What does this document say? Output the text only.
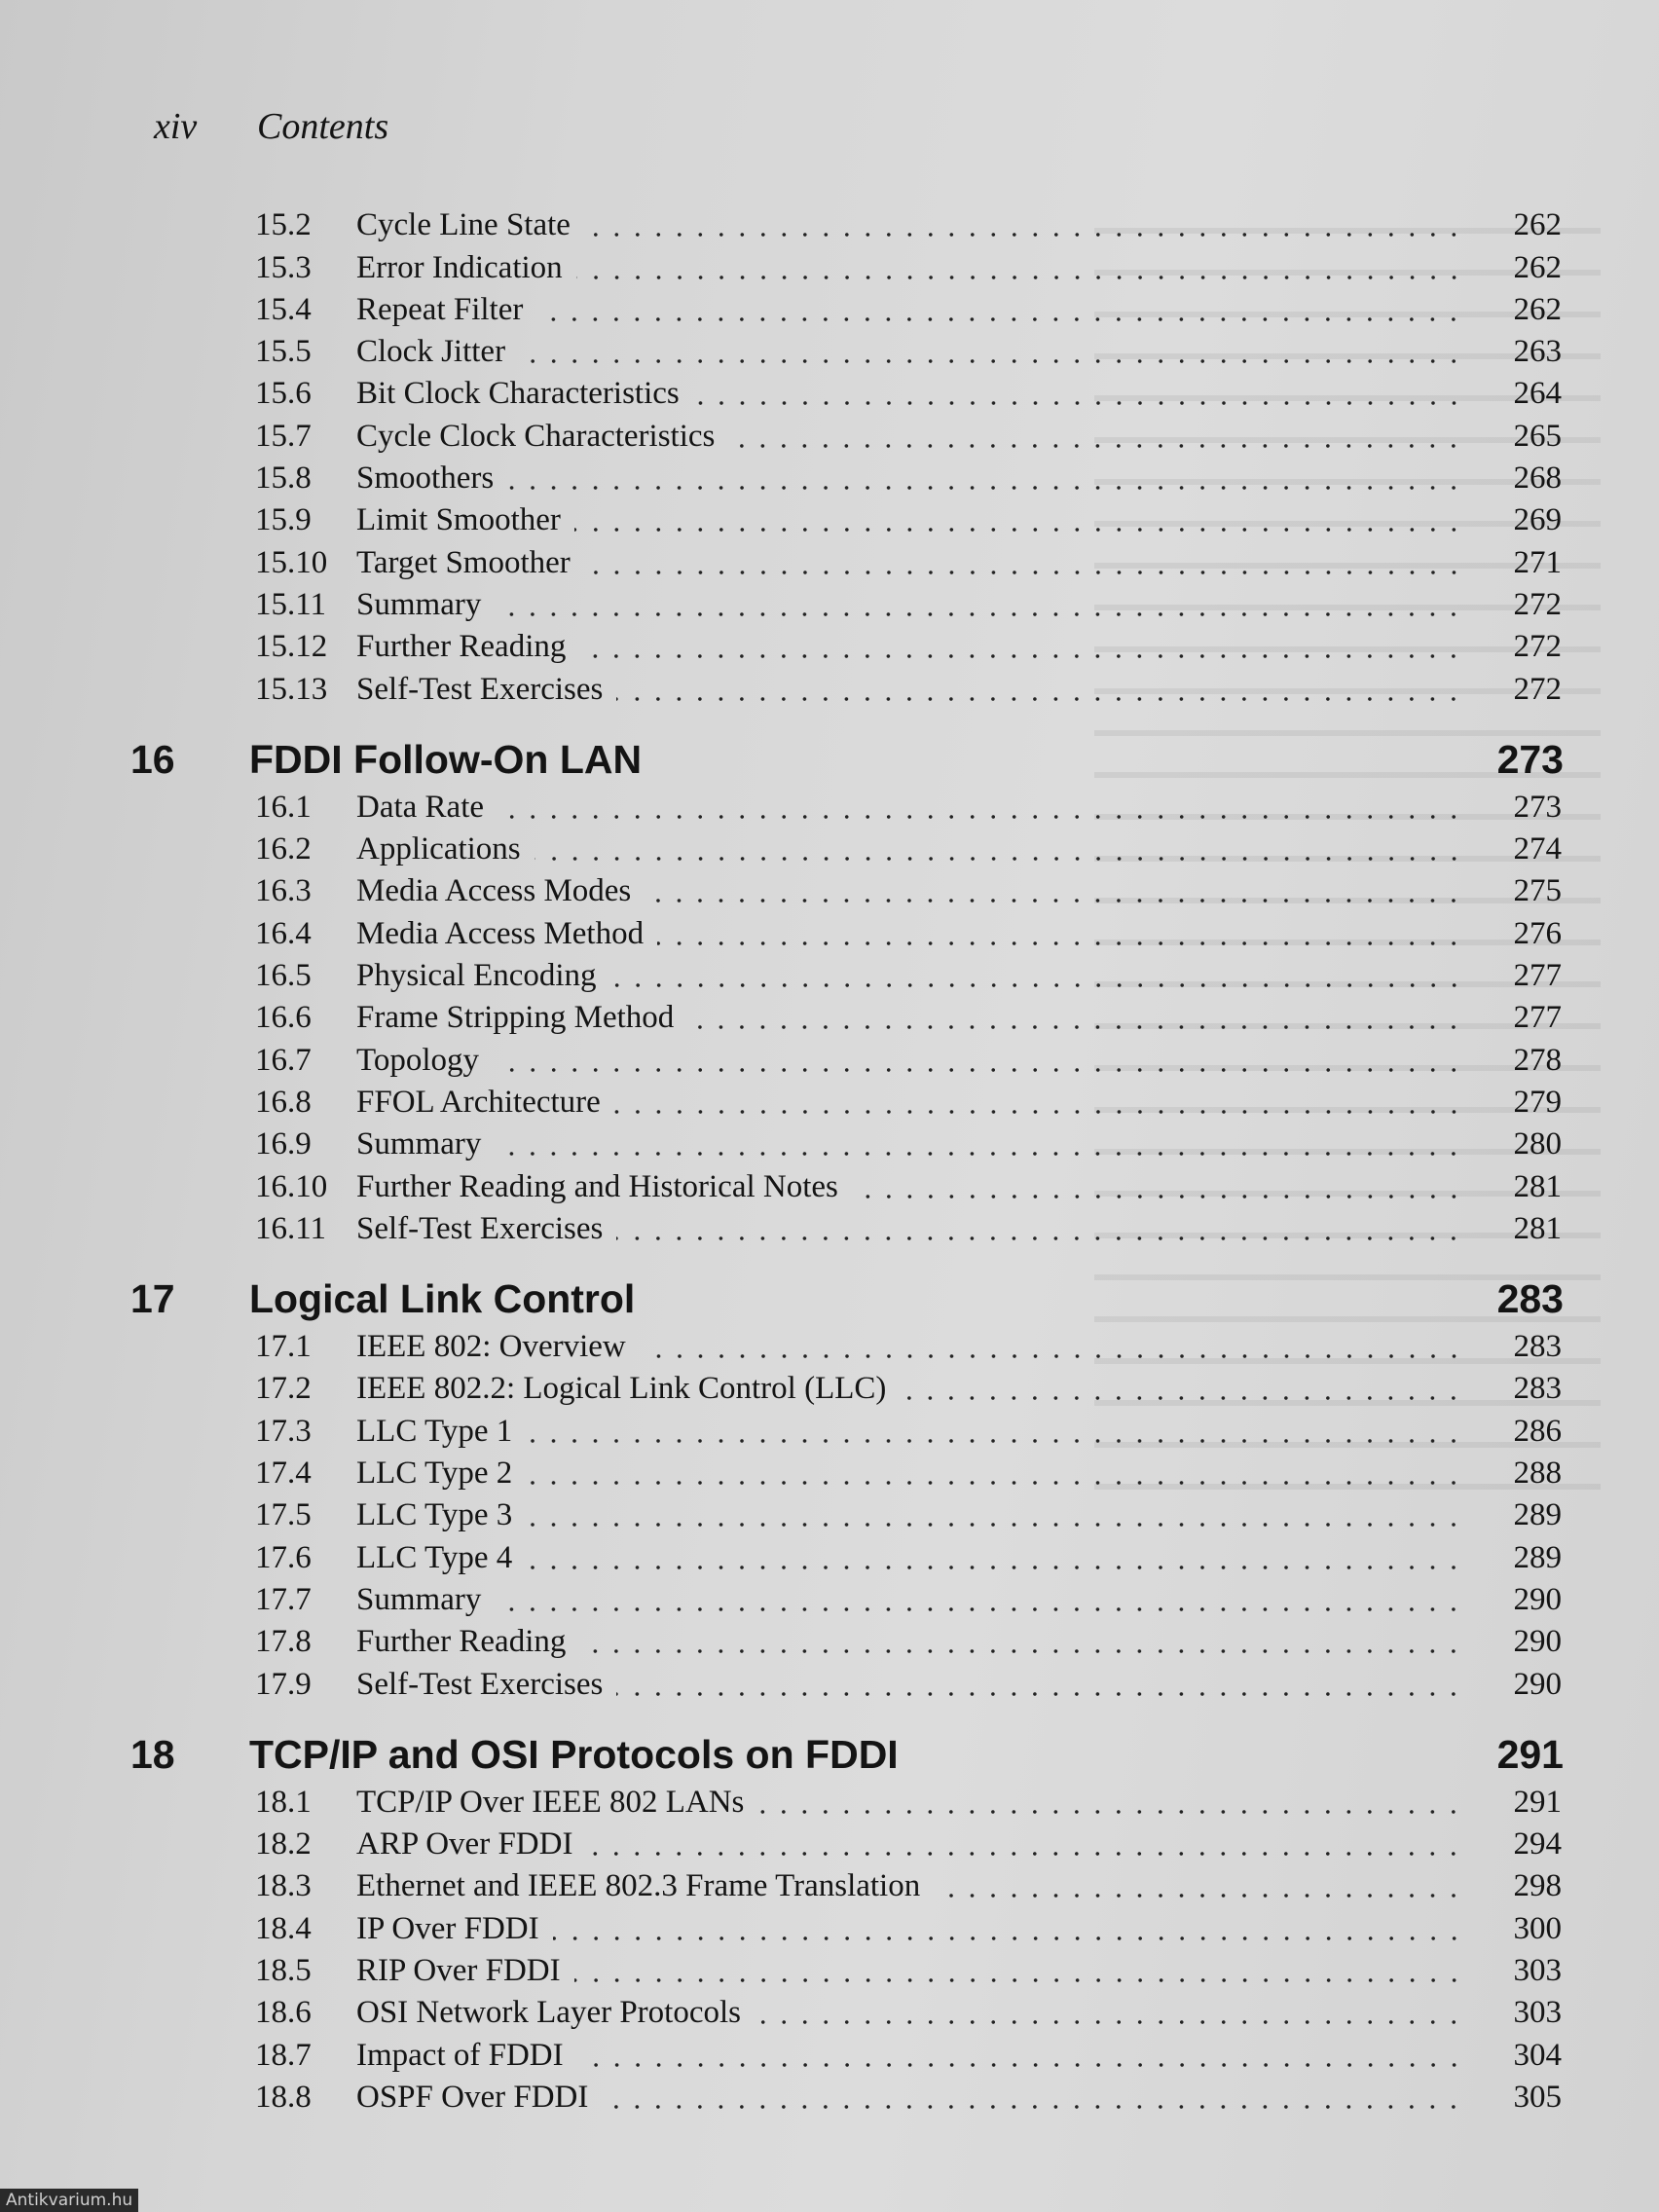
xiv	Contents
15.2	Cycle Line State	262
15.3	Error Indication	262
15.4	Repeat Filter	262
15.5	Clock Jitter	263
15.6	Bit Clock Characteristics	264
15.7	Cycle Clock Characteristics	265
15.8	Smoothers	268
15.9	Limit Smoother	269
15.10 Target Smoother	271
15.11 Summary	272
15.12 Further Reading	272
15.13 Self-Test Exercises	272
16 FDDI Follow-On LAN	273
16.1	Data Rate	273
16.2	Applications	274
16.3	Media Access Modes	275
16.4	Media Access Method	276
16.5	Physical Encoding	277
16.6	Frame Stripping Method	277
16.7	Topology	278
16.8	FFOL Architecture	279
16.9	Summary	280
16.10 Further Reading and Historical Notes	281
16.11 Self-Test Exercises	281
17 Logical Link Control	283
17.1	IEEE 802: Overview	283
17.2	IEEE 802.2: Logical Link Control (LLC)	283
17.3	LLC Type 1	286
17.4	LLC Type 2	288
17.5	LLC Type 3	289
17.6	LLC Type 4	289
17.7	Summary	290
17.8	Further Reading	290
17.9	Self-Test Exercises	290
18 TCP/IP and OSI Protocols on FDDI	291
18.1	TCP/IP Over IEEE 802 LANs	291
18.2	ARP Over FDDI	294
18.3	Ethernet and IEEE 802.3 Frame Translation	298
18.4	IP Over FDDI	300
18.5	RIP Over FDDI	303
18.6	OSI Network Layer Protocols	303
18.7	Impact of FDDI	304
18.8	OSPF Over FDDI	305
Antikvarium.hu
